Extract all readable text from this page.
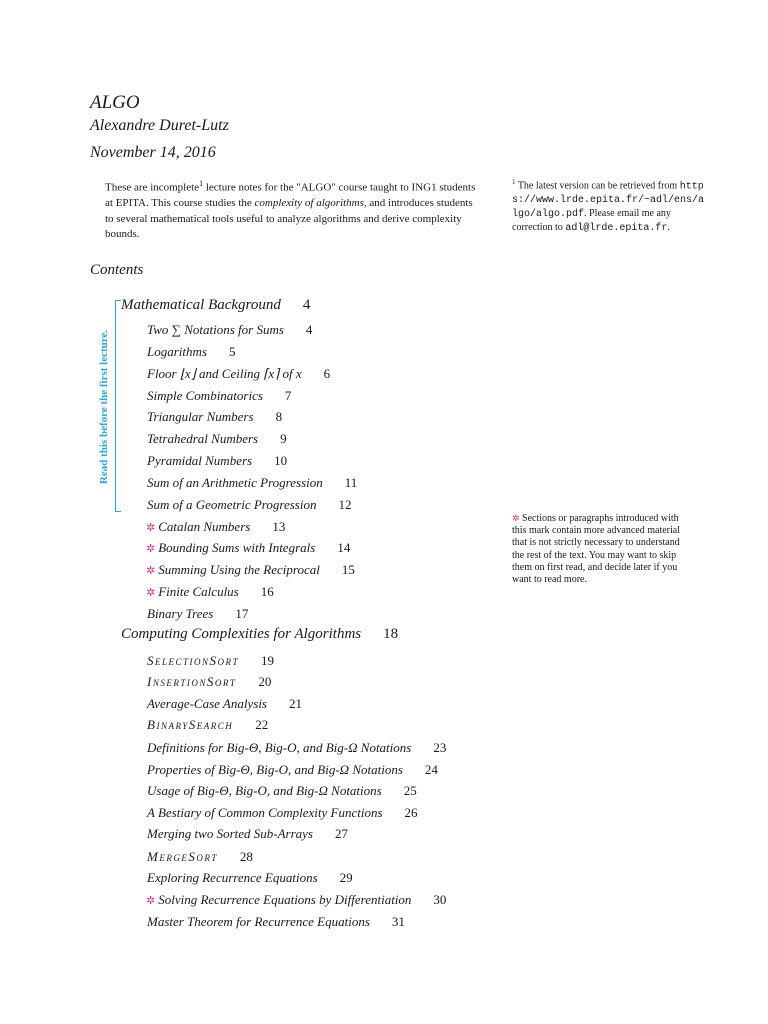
ALGO
Alexandre Duret-Lutz
November 14, 2016
These are incomplete$^1$ lecture notes for the "ALGO" course taught to ING1 students at EPITA. This course studies the complexity of algorithms, and introduces students to several mathematical tools useful to analyze algorithms and derive complexity bounds.
$^1$ The latest version can be retrieved from https://www.lrde.epita.fr/~adl/ens/algo/algo.pdf. Please email me any correction to adl@lrde.epita.fr.
Contents
Read this before the first lecture.
Mathematical Background 4
Two ∑ Notations for Sums 4
Logarithms 5
Floor ⌊x⌋ and Ceiling ⌈x⌉ of x 6
Simple Combinatorics 7
Triangular Numbers 8
Tetrahedral Numbers 9
Pyramidal Numbers 10
Sum of an Arithmetic Progression 11
Sum of a Geometric Progression 12
✲ Catalan Numbers 13
✲ Bounding Sums with Integrals 14
✲ Summing Using the Reciprocal 15
✲ Finite Calculus 16
Binary Trees 17
Computing Complexities for Algorithms 18
SelectionSort 19
InsertionSort 20
Average-Case Analysis 21
BinarySearch 22
Definitions for Big-Θ, Big-O, and Big-Ω Notations 23
Properties of Big-Θ, Big-O, and Big-Ω Notations 24
Usage of Big-Θ, Big-O, and Big-Ω Notations 25
A Bestiary of Common Complexity Functions 26
Merging two Sorted Sub-Arrays 27
MergeSort 28
Exploring Recurrence Equations 29
✲ Solving Recurrence Equations by Differentiation 30
Master Theorem for Recurrence Equations 31
✲ Sections or paragraphs introduced with this mark contain more advanced material that is not strictly necessary to understand the rest of the text. You may want to skip them on first read, and decide later if you want to read more.
